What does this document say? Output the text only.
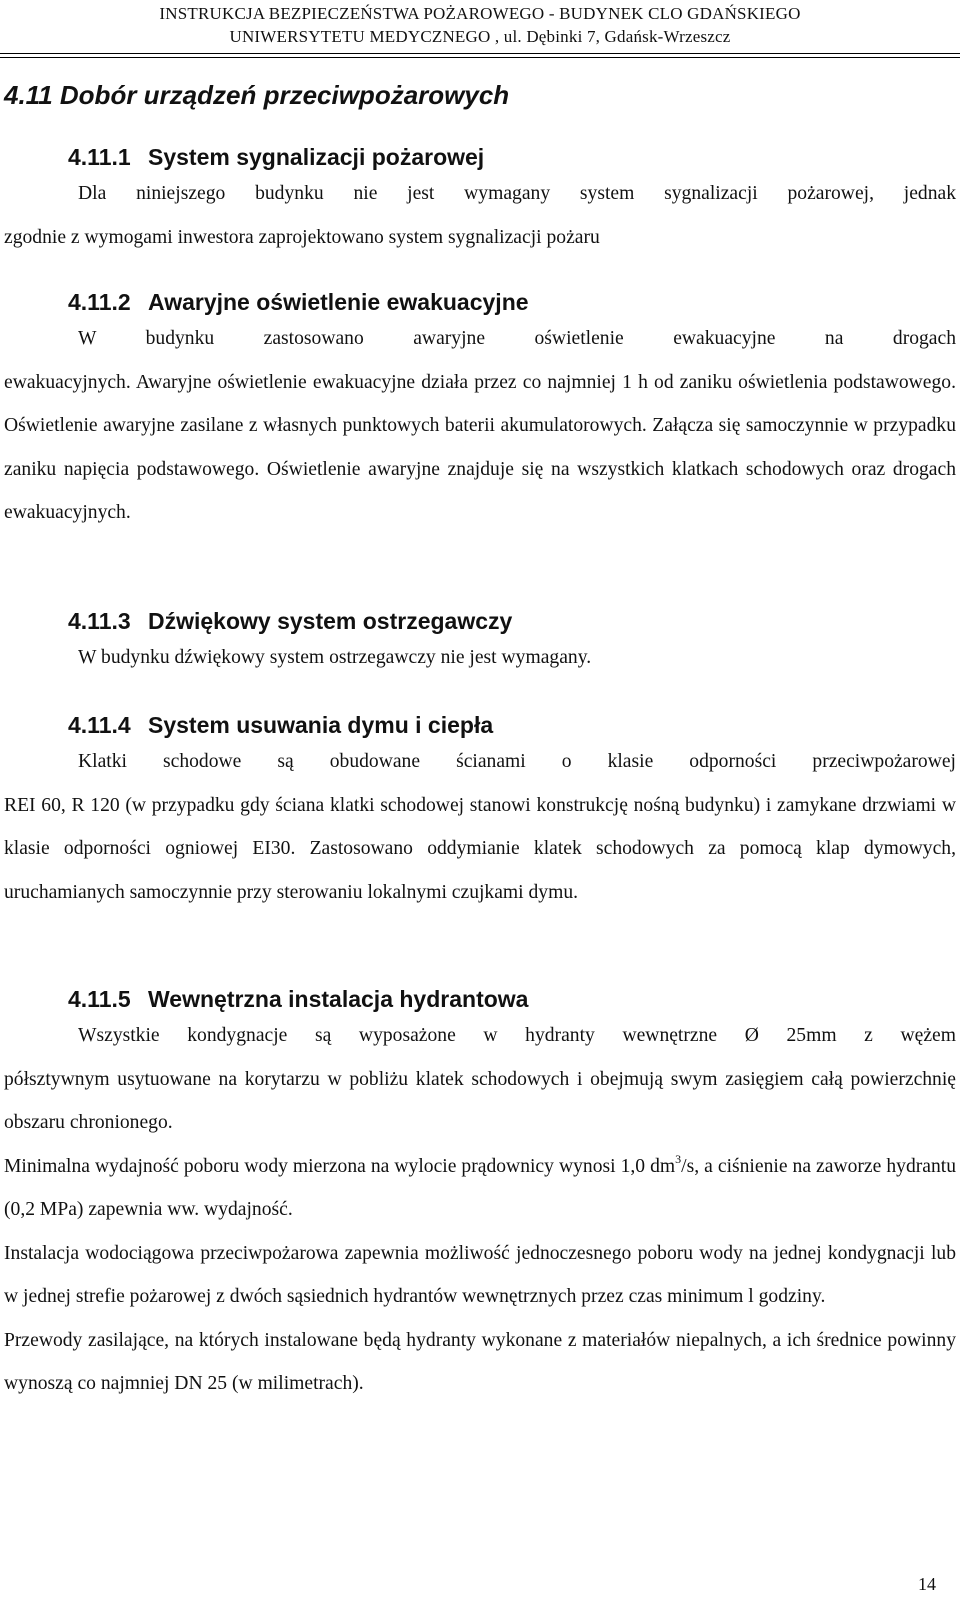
INSTRUKCJA BEZPIECZEŃSTWA POŻAROWEGO - BUDYNEK CLO GDAŃSKIEGO
UNIWERSYTETU MEDYCZNEGO , ul. Dębinki 7, Gdańsk-Wrzeszcz
4.11 Dobór urządzeń przeciwpożarowych
4.11.1 System sygnalizacji pożarowej

Dla niniejszego budynku nie jest wymagany system sygnalizacji pożarowej, jednak
zgodnie z wymogami inwestora zaprojektowano system sygnalizacji pożaru

4.11.2 Awaryjne oświetlenie ewakuacyjne

W budynku zastosowano awaryjne oświetlenie ewakuacyjne na drogach
ewakuacyjnych. Awaryjne oświetlenie ewakuacyjne działa przez co najmniej 1 h od zaniku oświetlenia podstawowego. Oświetlenie awaryjne zasilane z własnych punktowych baterii akumulatorowych. Załącza się samoczynnie w przypadku zaniku napięcia podstawowego. Oświetlenie awaryjne znajduje się na wszystkich klatkach schodowych oraz drogach ewakuacyjnych.

4.11.3 Dźwiękowy system ostrzegawczy

W budynku dźwiękowy system ostrzegawczy nie jest wymagany.

4.11.4 System usuwania dymu i ciepła

Klatki schodowe są obudowane ścianami o klasie odporności przeciwpożarowej
REI 60, R 120 (w przypadku gdy ściana klatki schodowej stanowi konstrukcję nośną budynku) i zamykane drzwiami w klasie odporności ogniowej EI30. Zastosowano oddymianie klatek schodowych za pomocą klap dymowych, uruchamianych samoczynnie przy sterowaniu lokalnymi czujkami dymu.

4.11.5 Wewnętrzna instalacja hydrantowa

Wszystkie kondygnacje są wyposażone w hydranty wewnętrzne Ø 25mm z wężem
półsztywnym usytuowane na korytarzu w pobliżu klatek schodowych i obejmują swym zasięgiem całą powierzchnię obszaru chronionego.

Minimalna wydajność poboru wody mierzona na wylocie prądownicy wynosi 1,0 $dm^3/s$, a ciśnienie na zaworze hydrantu (0,2 MPa) zapewnia ww. wydajność.

Instalacja wodociągowa przeciwpożarowa zapewnia możliwość jednoczesnego poboru wody na jednej kondygnacji lub w jednej strefie pożarowej z dwóch sąsiednich hydrantów wewnętrznych przez czas minimum l godziny.

Przewody zasilające, na których instalowane będą hydranty wykonane z materiałów niepalnych, a ich średnice powinny wynoszą co najmniej DN 25 (w milimetrach).

14
